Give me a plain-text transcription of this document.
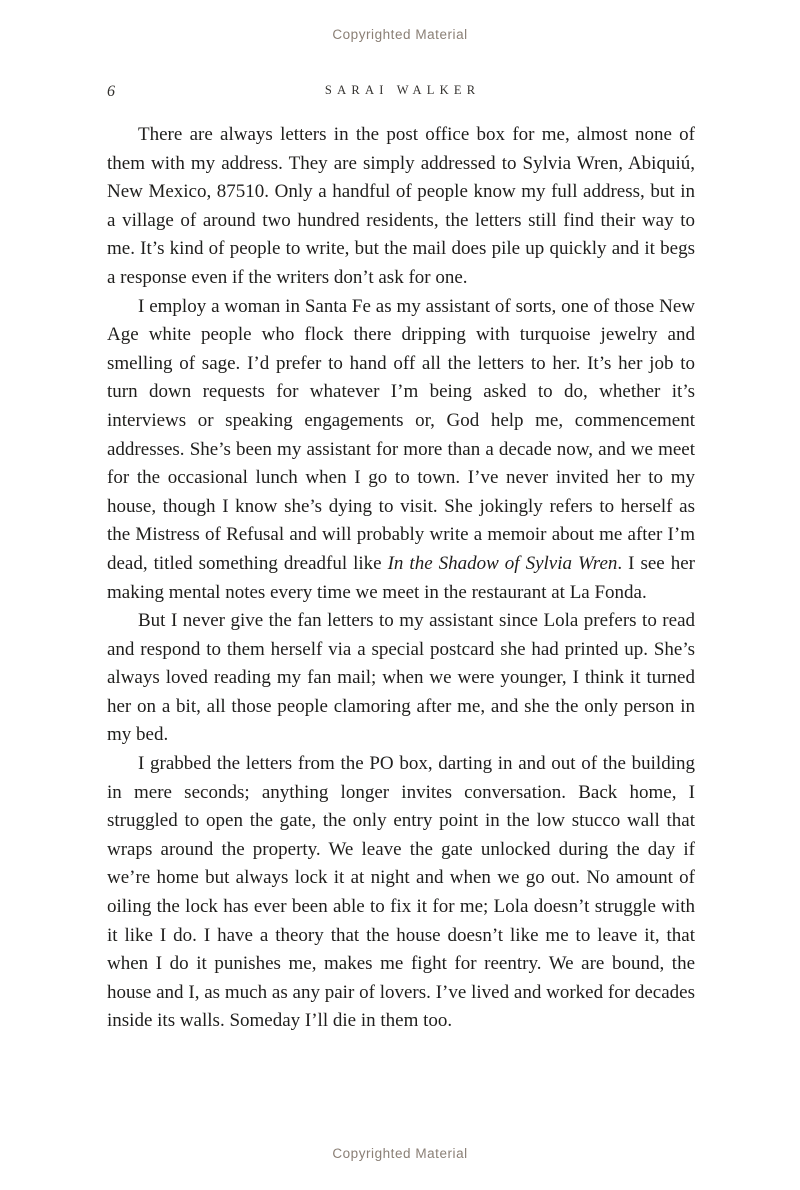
Copyrighted Material
6	SARAI WALKER

There are always letters in the post office box for me, almost none of them with my address. They are simply addressed to Sylvia Wren, Abiquiú, New Mexico, 87510. Only a handful of people know my full address, but in a village of around two hundred residents, the letters still find their way to me. It’s kind of people to write, but the mail does pile up quickly and it begs a response even if the writers don’t ask for one.

I employ a woman in Santa Fe as my assistant of sorts, one of those New Age white people who flock there dripping with turquoise jewelry and smelling of sage. I’d prefer to hand off all the letters to her. It’s her job to turn down requests for whatever I’m being asked to do, whether it’s interviews or speaking engagements or, God help me, commencement addresses. She’s been my assistant for more than a decade now, and we meet for the occasional lunch when I go to town. I’ve never invited her to my house, though I know she’s dying to visit. She jokingly refers to herself as the Mistress of Refusal and will probably write a memoir about me after I’m dead, titled something dreadful like In the Shadow of Sylvia Wren. I see her making mental notes every time we meet in the restaurant at La Fonda.

But I never give the fan letters to my assistant since Lola prefers to read and respond to them herself via a special postcard she had printed up. She’s always loved reading my fan mail; when we were younger, I think it turned her on a bit, all those people clamoring after me, and she the only person in my bed.

I grabbed the letters from the PO box, darting in and out of the building in mere seconds; anything longer invites conversation. Back home, I struggled to open the gate, the only entry point in the low stucco wall that wraps around the property. We leave the gate unlocked during the day if we’re home but always lock it at night and when we go out. No amount of oiling the lock has ever been able to fix it for me; Lola doesn’t struggle with it like I do. I have a theory that the house doesn’t like me to leave it, that when I do it punishes me, makes me fight for reentry. We are bound, the house and I, as much as any pair of lovers. I’ve lived and worked for decades inside its walls. Someday I’ll die in them too.

Copyrighted Material
